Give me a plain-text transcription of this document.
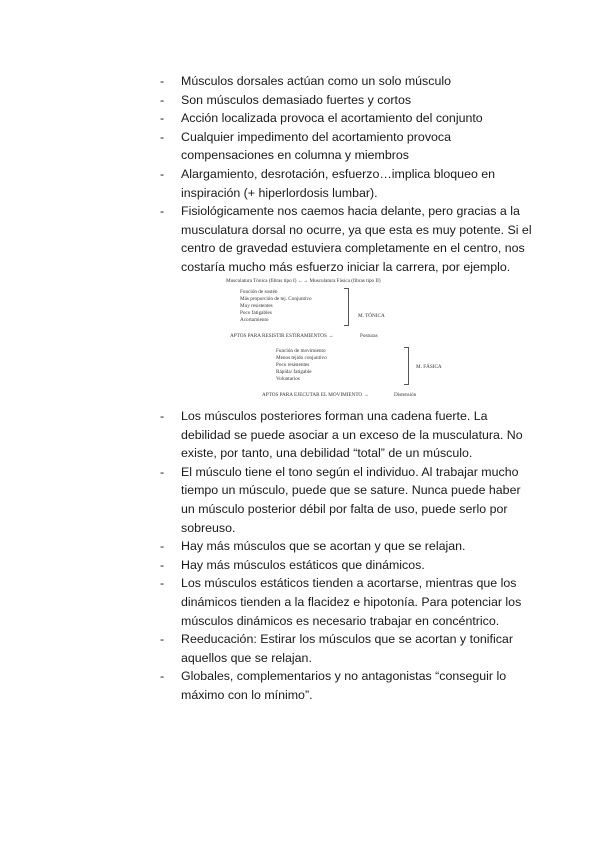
- Músculos dorsales actúan como un solo músculo
- Son músculos demasiado fuertes y cortos
- Acción localizada provoca el acortamiento del conjunto
- Cualquier impedimento del acortamiento provoca compensaciones en columna y miembros
- Alargamiento, desrotación, esfuerzo…implica bloqueo en inspiración (+ hiperlordosis lumbar).
- Fisiológicamente nos caemos hacia delante, pero gracias a la musculatura dorsal no ocurre, ya que esta es muy potente. Si el centro de gravedad estuviera completamente en el centro, nos costaría mucho más esfuerzo iniciar la carrera, por ejemplo.
Musculatura Tónica (fibras tipo I) ←→ Musculatura Fásica (fibras tipo II)
Función de sostén
Más proporción de tej. Conjuntivo
Muy resistentes
Poco fatigables
Acortamiento
M. TÓNICA
APTOS PARA RESISTIR ESTIRAMIENTOS →	Posturas
Función de movimiento
Menos tejido conjuntivo
Poco resistentes
Rápida/ fatigable
Voluntarios
M. FÁSICA
APTOS PARA EJECUTAR EL MOVIMIENTO →	Distensión
- Los músculos posteriores forman una cadena fuerte. La debilidad se puede asociar a un exceso de la musculatura. No existe, por tanto, una debilidad “total” de un músculo.
- El músculo tiene el tono según el individuo. Al trabajar mucho tiempo un músculo, puede que se sature. Nunca puede haber un músculo posterior débil por falta de uso, puede serlo por sobreuso.
- Hay más músculos que se acortan y que se relajan.
- Hay más músculos estáticos que dinámicos.
- Los músculos estáticos tienden a acortarse, mientras que los dinámicos tienden a la flacidez e hipotonía. Para potenciar los músculos dinámicos es necesario trabajar en concéntrico.
- Reeducación: Estirar los músculos que se acortan y tonificar aquellos que se relajan.
- Globales, complementarios y no antagonistas “conseguir lo máximo con lo mínimo”.
